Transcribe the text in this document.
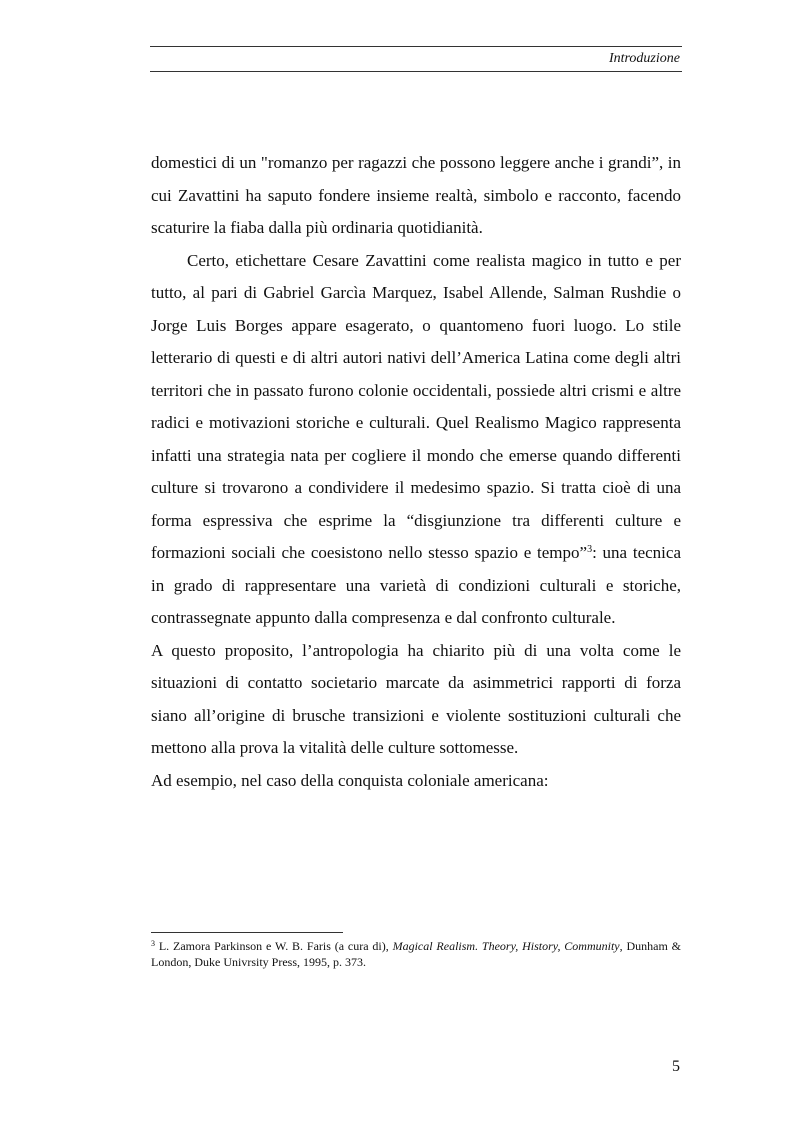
Introduzione

domestici di un "romanzo per ragazzi che possono leggere anche i grandi”, in cui Zavattini ha saputo fondere insieme realtà, simbolo e racconto, facendo scaturire la fiaba dalla più ordinaria quotidianità.

Certo, etichettare Cesare Zavattini come realista magico in tutto e per tutto, al pari di Gabriel Garcìa Marquez, Isabel Allende, Salman Rushdie o Jorge Luis Borges appare esagerato, o quantomeno fuori luogo. Lo stile letterario di questi e di altri autori nativi dell’America Latina come degli altri territori che in passato furono colonie occidentali, possiede altri crismi e altre radici e motivazioni storiche e culturali. Quel Realismo Magico rappresenta infatti una strategia nata per cogliere il mondo che emerse quando differenti culture si trovarono a condividere il medesimo spazio. Si tratta cioè di una forma espressiva che esprime la “disgiunzione tra differenti culture e formazioni sociali che coesistono nello stesso spazio e tempo”$^3$: una tecnica in grado di rappresentare una varietà di condizioni culturali e storiche, contrassegnate appunto dalla compresenza e dal confronto culturale.

A questo proposito, l’antropologia ha chiarito più di una volta come le situazioni di contatto societario marcate da asimmetrici rapporti di forza siano all’origine di brusche transizioni e violente sostituzioni culturali che mettono alla prova la vitalità delle culture sottomesse.

Ad esempio, nel caso della conquista coloniale americana:

$^3$ L. Zamora Parkinson e W. B. Faris (a cura di), Magical Realism. Theory, History, Community, Dunham & London, Duke Univrsity Press, 1995, p. 373.
5
